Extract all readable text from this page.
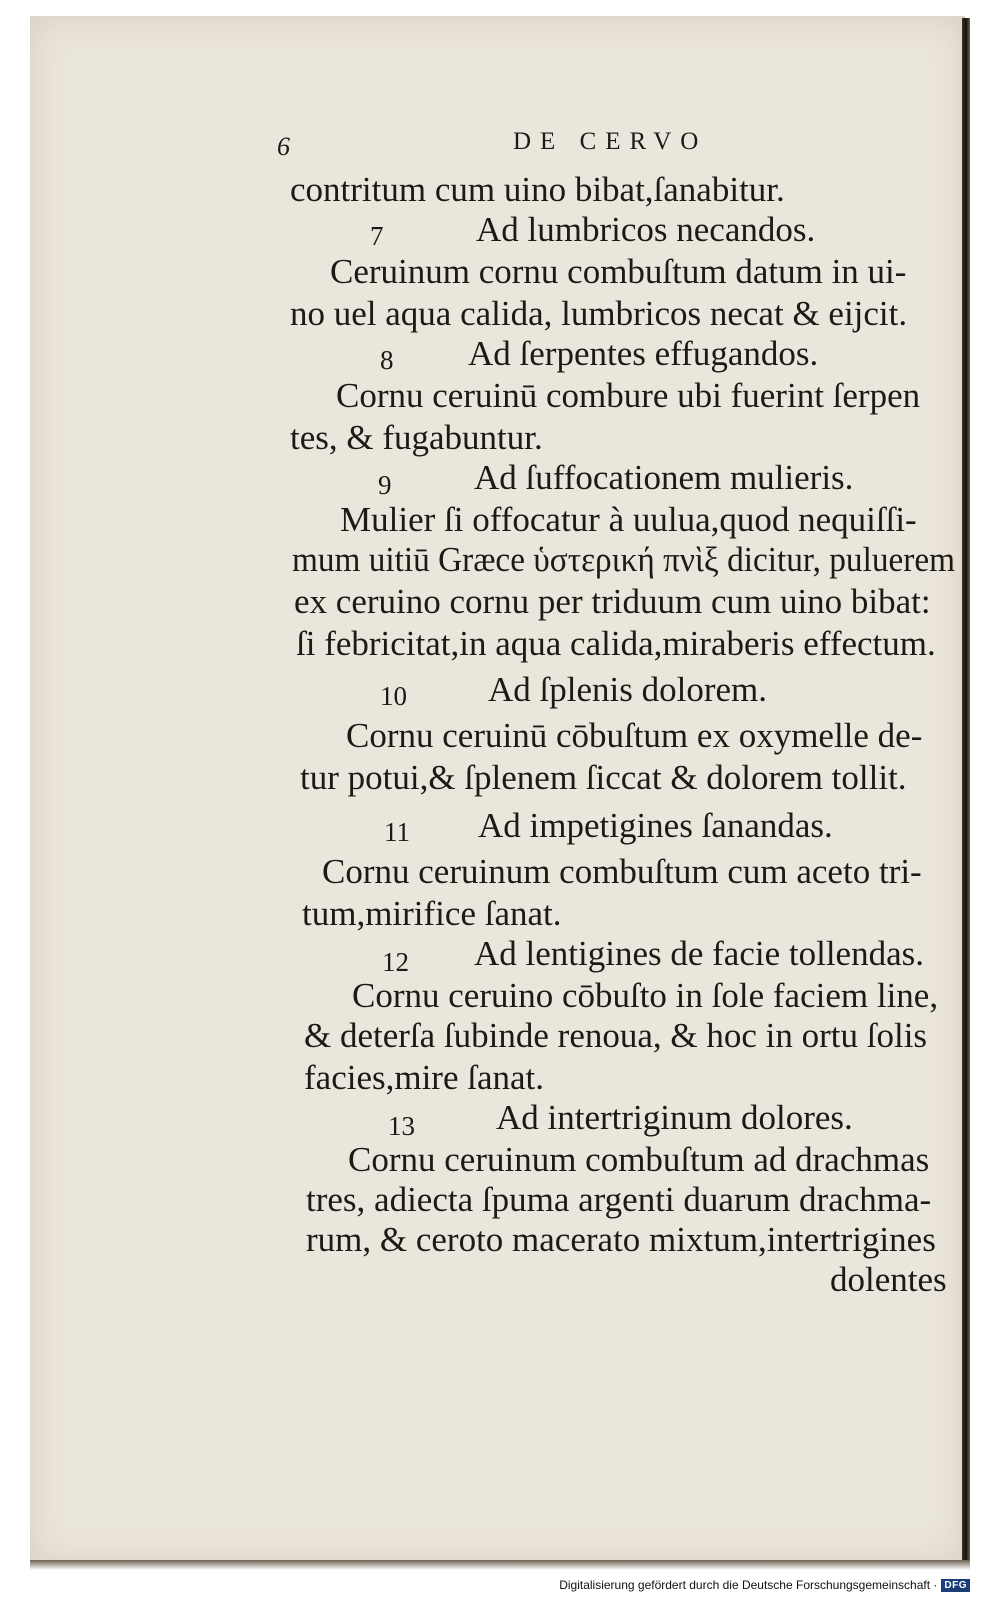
6	DE CERVO
contritum cum uino bibat,ſanabitur.
7	Ad lumbricos necandos.
Ceruinum cornu combuſtum datum in ui-
no uel aqua calida, lumbricos necat & eijcit.
8 Ad ſerpentes effugandos.
Cornu ceruinū combure ubi fuerint ſerpen
tes, & fugabuntur.
9 Ad ſuffocationem mulieris.
Mulier ſi offocatur à uulua,quod nequiſſi-
mum uitiū Græce ὑστερική πνὶξ dicitur, puluerem
ex ceruino cornu per triduum cum uino bibat:
ſi febricitat,in aqua calida,miraberis effectum.
10 Ad ſplenis dolorem.
Cornu ceruinū cōbuſtum ex oxymelle de-
tur potui,& ſplenem ſiccat & dolorem tollit.
11 Ad impetigines ſanandas.
Cornu ceruinum combuſtum cum aceto tri-
tum,mirifice ſanat.
12 Ad lentigines de facie tollendas.
Cornu ceruino cōbuſto in ſole faciem line,
& deterſa ſubinde renoua, & hoc in ortu ſolis
facies,mire ſanat.
13 Ad intertriginum dolores.
Cornu ceruinum combuſtum ad drachmas
tres, adiecta ſpuma argenti duarum drachma-
rum, & ceroto macerato mixtum,intertrigines
dolentes
Digitalisierung gefördert durch die Deutsche Forschungsgemeinschaft · DFG
